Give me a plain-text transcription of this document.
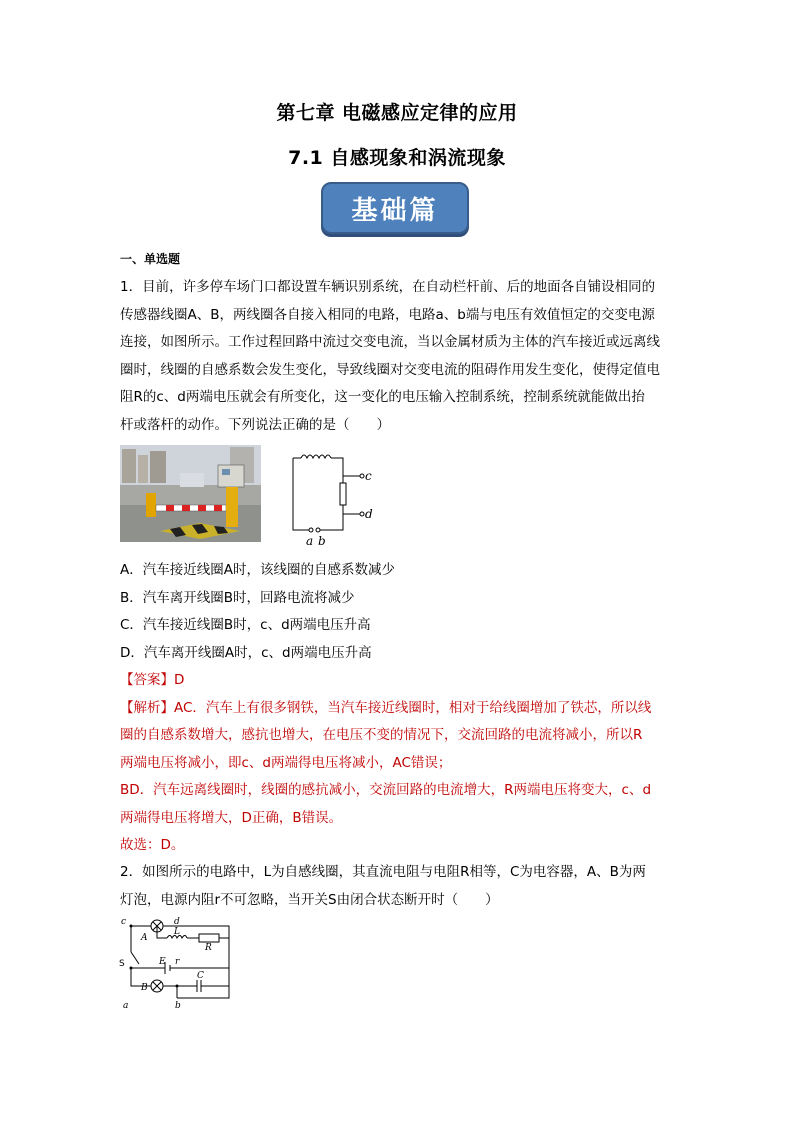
第七章 电磁感应定律的应用
7.1 自感现象和涡流现象
基础篇
一、单选题
1．目前，许多停车场门口都设置车辆识别系统，在自动栏杆前、后的地面各自铺设相同的
传感器线圈A、B，两线圈各自接入相同的电路，电路a、b端与电压有效值恒定的交变电源
连接，如图所示。工作过程回路中流过交变电流，当以金属材质为主体的汽车接近或远离线
圈时，线圈的自感系数会发生变化，导致线圈对交变电流的阻碍作用发生变化，使得定值电
阻R的c、d两端电压就会有所变化，这一变化的电压输入控制系统，控制系统就能做出抬
杆或落杆的动作。下列说法正确的是（　　）
c
d
a b
A．汽车接近线圈A时，该线圈的自感系数减少
B．汽车离开线圈B时，回路电流将减少
C．汽车接近线圈B时，c、d两端电压升高
D．汽车离开线圈A时，c、d两端电压升高
【答案】D
【解析】AC．汽车上有很多钢铁，当汽车接近线圈时，相对于给线圈增加了铁芯，所以线
圈的自感系数增大，感抗也增大，在电压不变的情况下，交流回路的电流将减小，所以R
两端电压将减小，即c、d两端得电压将减小，AC错误；
BD．汽车远离线圈时，线圈的感抗减小，交流回路的电流增大，R两端电压将变大，c、d
两端得电压将增大，D正确，B错误。
故选：D。
2．如图所示的电路中，L为自感线圈，其直流电阻与电阻R相等，C为电容器，A、B为两
灯泡，电源内阻r不可忽略，当开关S由闭合状态断开时（　　）
c	d
A
L
R
S	E r
B
C
a	b
